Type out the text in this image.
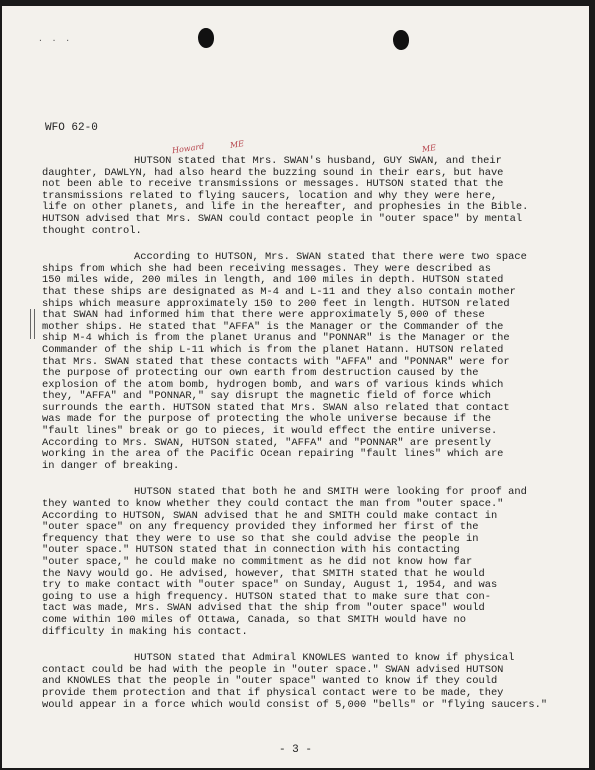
· · ·
WFO 62-0
Howard	ME	ME

HUTSON stated that Mrs. SWAN's husband, GUY SWAN, and their
daughter, DAWLYN, had also heard the buzzing sound in their ears, but have
not been able to receive transmissions or messages. HUTSON stated that the
transmissions related to flying saucers, location and why they were here,
life on other planets, and life in the hereafter, and prophesies in the Bible.
HUTSON advised that Mrs. SWAN could contact people in "outer space" by mental
thought control.

According to HUTSON, Mrs. SWAN stated that there were two space
ships from which she had been receiving messages. They were described as
150 miles wide, 200 miles in length, and 100 miles in depth. HUTSON stated
that these ships are designated as M-4 and L-11 and they also contain mother
ships which measure approximately 150 to 200 feet in length. HUTSON related
that SWAN had informed him that there were approximately 5,000 of these
mother ships. He stated that "AFFA" is the Manager or the Commander of the
ship M-4 which is from the planet Uranus and "PONNAR" is the Manager or the
Commander of the ship L-11 which is from the planet Hatann. HUTSON related
that Mrs. SWAN stated that these contacts with "AFFA" and "PONNAR" were for
the purpose of protecting our own earth from destruction caused by the
explosion of the atom bomb, hydrogen bomb, and wars of various kinds which
they, "AFFA" and "PONNAR," say disrupt the magnetic field of force which
surrounds the earth. HUTSON stated that Mrs. SWAN also related that contact
was made for the purpose of protecting the whole universe because if the
"fault lines" break or go to pieces, it would effect the entire universe.
According to Mrs. SWAN, HUTSON stated, "AFFA" and "PONNAR" are presently
working in the area of the Pacific Ocean repairing "fault lines" which are
in danger of breaking.

HUTSON stated that both he and SMITH were looking for proof and
they wanted to know whether they could contact the man from "outer space."
According to HUTSON, SWAN advised that he and SMITH could make contact in
"outer space" on any frequency provided they informed her first of the
frequency that they were to use so that she could advise the people in
"outer space." HUTSON stated that in connection with his contacting
"outer space," he could make no commitment as he did not know how far
the Navy would go. He advised, however, that SMITH stated that he would
try to make contact with "outer space" on Sunday, August 1, 1954, and was
going to use a high frequency. HUTSON stated that to make sure that con-
tact was made, Mrs. SWAN advised that the ship from "outer space" would
come within 100 miles of Ottawa, Canada, so that SMITH would have no
difficulty in making his contact.

HUTSON stated that Admiral KNOWLES wanted to know if physical
contact could be had with the people in "outer space." SWAN advised HUTSON
and KNOWLES that the people in "outer space" wanted to know if they could
provide them protection and that if physical contact were to be made, they
would appear in a force which would consist of 5,000 "bells" or "flying saucers."

- 3 -
